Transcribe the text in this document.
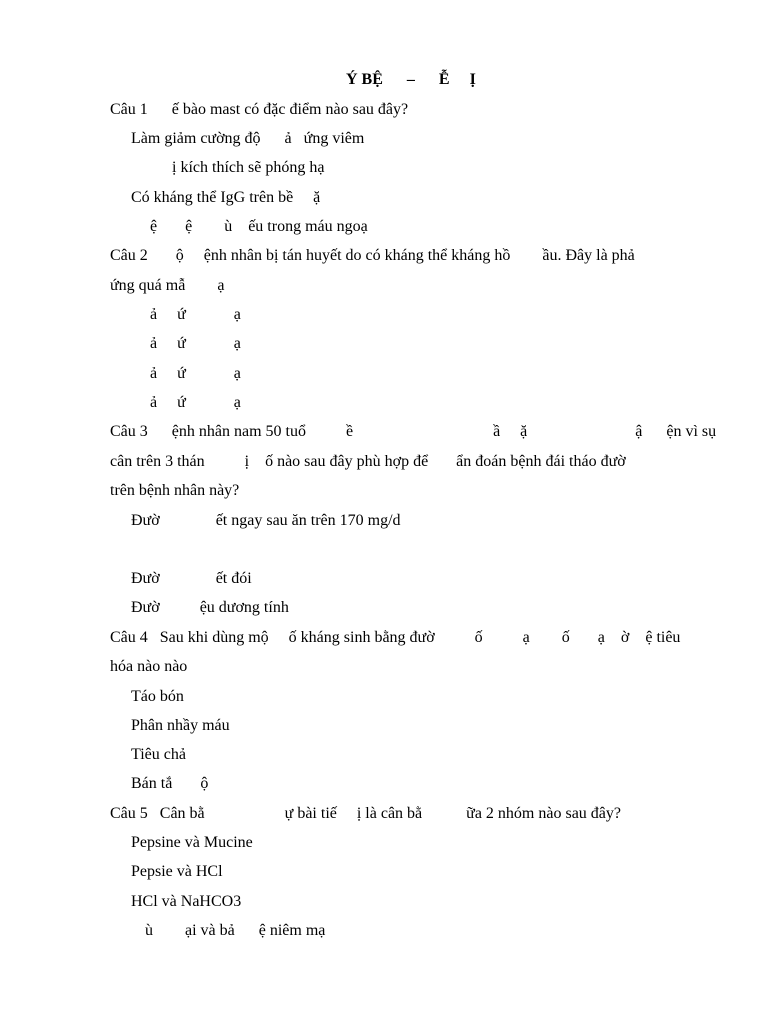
Ý BỆ      –      Ễ     Ị
Câu 1      ế bào mast có đặc điểm nào sau đây?
Làm giảm cường độ      ả   ứng viêm
ị kích thích sẽ phóng hạ
Có kháng thể IgG trên bề     ặ
ệ       ệ        ù    ếu trong máu ngoạ
Câu 2       ộ     ệnh nhân bị tán huyết do có kháng thể kháng hồ        ầu. Đây là phả
ứng quá mẫ        ạ
ả     ứ            ạ
ả     ứ            ạ
ả     ứ            ạ
ả     ứ            ạ
Câu 3      ệnh nhân nam 50 tuổ          ề                                   ầ     ặ                           ậ      ện vì sụ
cân trên 3 thán          ị    ố nào sau đây phù hợp để       ẩn đoán bệnh đái tháo đườ
trên bệnh nhân này?
Đườ              ết ngay sau ăn trên 170 mg/d
Đườ              ết đói
Đườ          ệu dương tính
Câu 4   Sau khi dùng mộ     ố kháng sinh bằng đườ          ố          ạ        ố       ạ    ờ    ệ tiêu
hóa nào nào
Táo bón
Phân nhầy máu
Tiêu chả
Bán tắ       ộ
Câu 5   Cân bằ                    ự bài tiế     ị là cân bằ           ữa 2 nhóm nào sau đây?
Pepsine và Mucine
Pepsie và HCl
HCl và NaHCO3
ù        ại và bả      ệ niêm mạ
